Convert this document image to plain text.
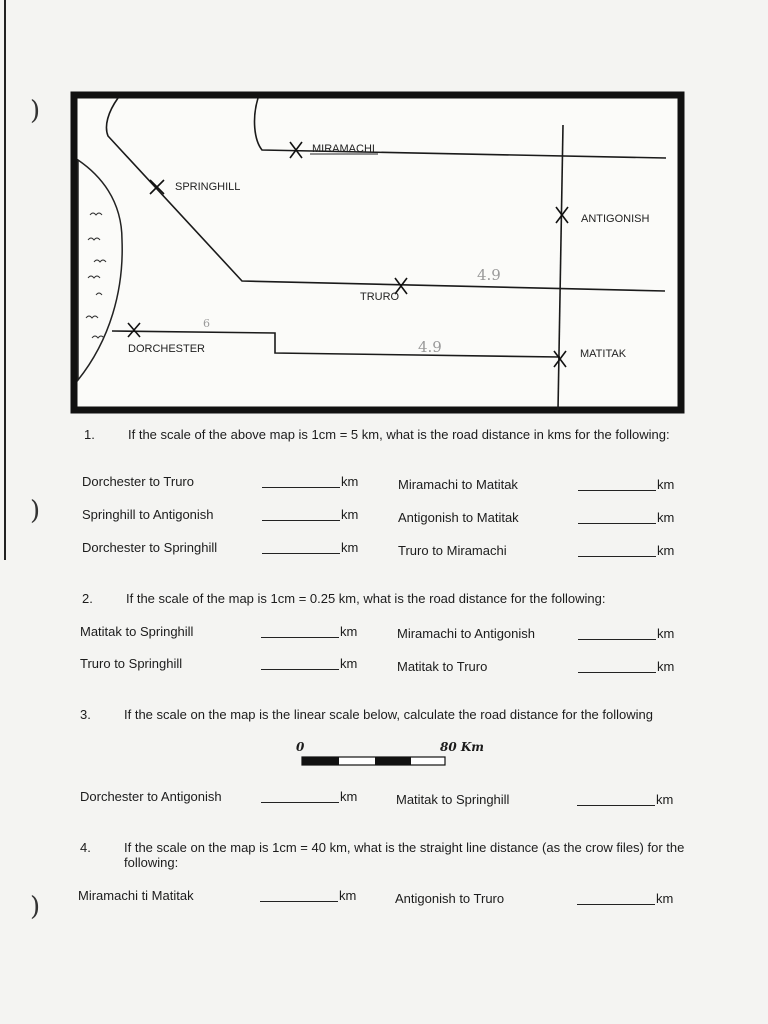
)
)
)
4.9
4.9
6
MIRAMACHI
SPRINGHILL
ANTIGONISH
TRURO
DORCHESTER	MATITAK
1.	If the scale of the above map is 1cm = 5 km, what is the road distance in kms for the following:
Dorchester to Truro	km	Miramachi to Matitak	km
Springhill to Antigonish	km	Antigonish to Matitak	km
Dorchester to Springhill	km	Truro to Miramachi	km
2.	If the scale of the map is 1cm = 0.25 km, what is the road distance for the following:
Matitak to Springhill	km	Miramachi to Antigonish	km
Truro to Springhill	km	Matitak to Truro	km
3.	If the scale on the map is the linear scale below, calculate the road distance for the following
0	80 Km
Dorchester to Antigonish	km	Matitak to Springhill	km
4.	If the scale on the map is 1cm = 40 km, what is the straight line distance (as the crow files) for the following:
Miramachi ti Matitak	km	Antigonish to Truro	km
